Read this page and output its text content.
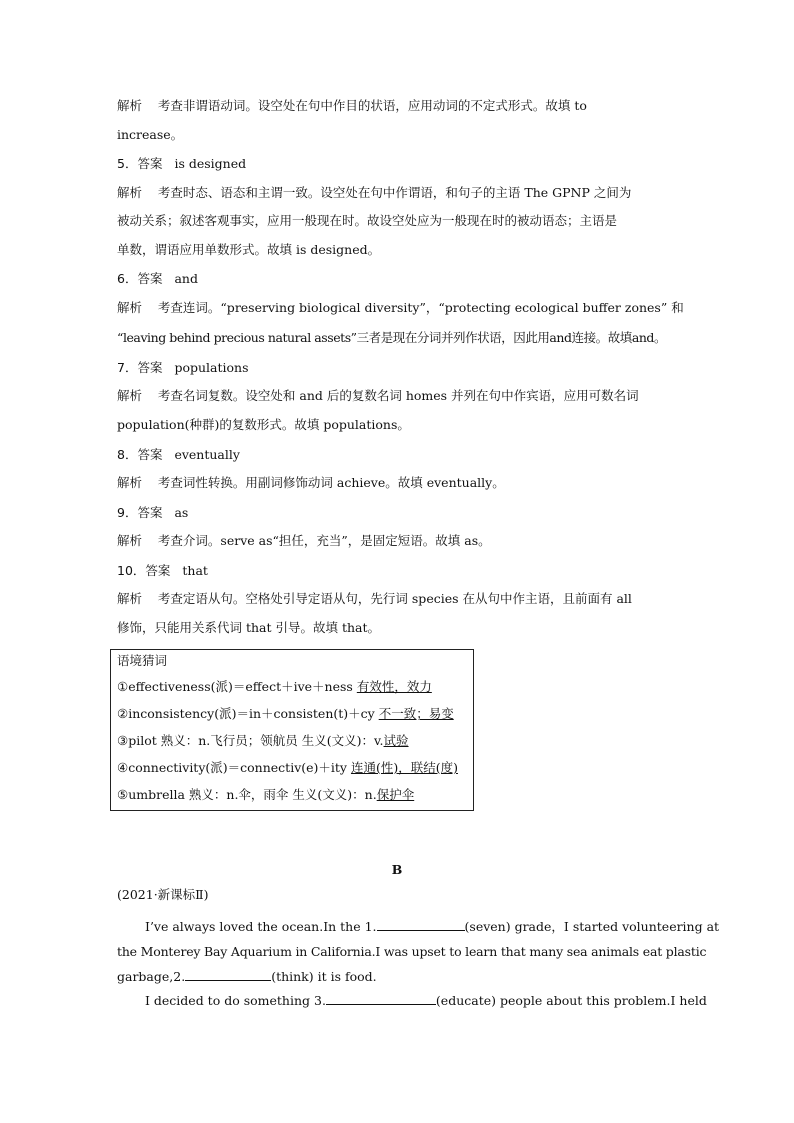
解析 考查非谓语动词。设空处在句中作目的状语，应用动词的不定式形式。故填 to
increase。
5．答案 is designed
解析 考查时态、语态和主谓一致。设空处在句中作谓语，和句子的主语 The GPNP 之间为
被动关系；叙述客观事实，应用一般现在时。故设空处应为一般现在时的被动语态；主语是
单数，谓语应用单数形式。故填 is designed。
6．答案 and
解析 考查连词。“preserving biological diversity”，“protecting ecological buffer zones” 和
“leaving behind precious natural assets”三者是现在分词并列作状语，因此用and连接。故填and。
7．答案 populations
解析 考查名词复数。设空处和 and 后的复数名词 homes 并列在句中作宾语，应用可数名词
population(种群)的复数形式。故填 populations。
8．答案 eventually
解析 考查词性转换。用副词修饰动词 achieve。故填 eventually。
9．答案 as
解析 考查介词。serve as“担任，充当”，是固定短语。故填 as。
10．答案 that
解析 考查定语从句。空格处引导定语从句，先行词 species 在从句中作主语，且前面有 all
修饰，只能用关系代词 that 引导。故填 that。
语境猜词
①effectiveness(派)＝effect＋ive＋ness 有效性，效力
②inconsistency(派)＝in＋consisten(t)＋cy 不一致；易变
③pilot 熟义：n.飞行员；领航员 生义(文义)：v.试验
④connectivity(派)＝connectiv(e)＋ity 连通(性)，联结(度)
⑤umbrella 熟义：n.伞，雨伞 生义(文义)：n.保护伞
B
(2021·新课标Ⅱ)
I’ve always loved the ocean.In the 1.	(seven) grade，I started volunteering at
the Monterey Bay Aquarium in California.I was upset to learn that many sea animals eat plastic
garbage,2.	(think) it is food.
I decided to do something 3.	(educate) people about this problem.I held
